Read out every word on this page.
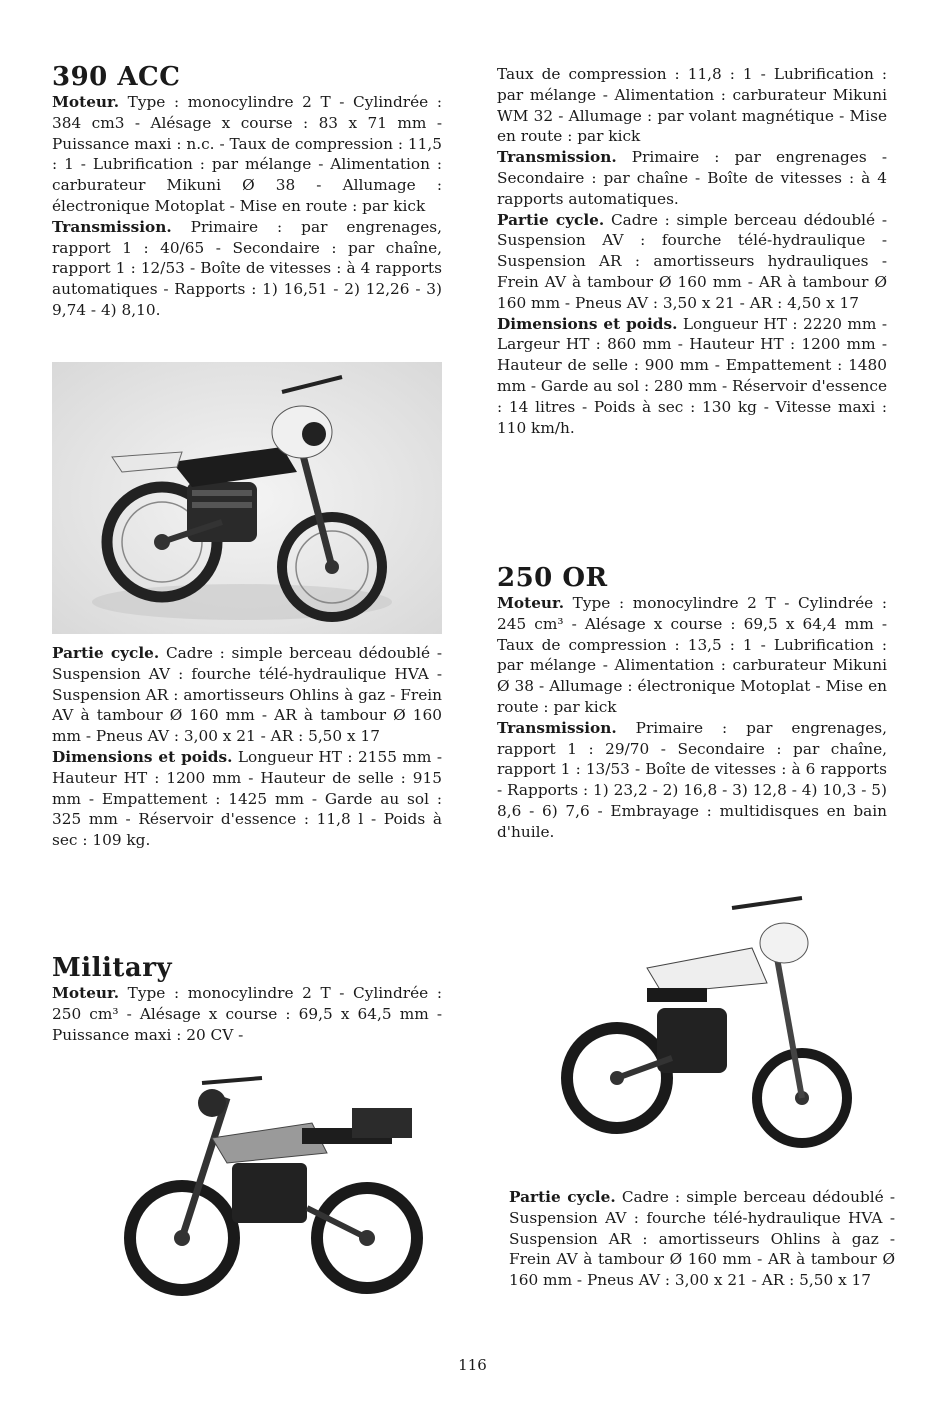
390 ACC

Moteur. Type : monocylindre 2 T - Cylindrée : 384 cm3 - Alésage x course : 83 x 71 mm - Puissance maxi : n.c. - Taux de compression : 11,5 : 1 - Lubrification : par mélange - Alimentation : carburateur Mikuni Ø 38 - Allumage : électronique Motoplat - Mise en route : par kick

Transmission. Primaire : par engrenages, rapport 1 : 40/65 - Secondaire : par chaîne, rapport 1 : 12/53 - Boîte de vitesses : à 4 rapports automatiques - Rapports : 1) 16,51 - 2) 12,26 - 3) 9,74 - 4) 8,10.

Partie cycle. Cadre : simple berceau dédoublé - Suspension AV : fourche télé-hydraulique HVA - Suspension AR : amortisseurs Ohlins à gaz - Frein AV à tambour Ø 160 mm - AR à tambour Ø 160 mm - Pneus AV : 3,00 x 21 - AR : 5,50 x 17

Dimensions et poids. Longueur HT : 2155 mm - Hauteur HT : 1200 mm - Hauteur de selle : 915 mm - Empattement : 1425 mm - Garde au sol : 325 mm - Réservoir d'essence : 11,8 l - Poids à sec : 109 kg.

Military

Moteur. Type : monocylindre 2 T - Cylindrée : 250 cm³ - Alésage x course : 69,5 x 64,5 mm - Puissance maxi : 20 CV -

Taux de compression : 11,8 : 1 - Lubrification : par mélange - Alimentation : carburateur Mikuni WM 32 - Allumage : par volant magnétique - Mise en route : par kick

Transmission. Primaire : par engrenages - Secondaire : par chaîne - Boîte de vitesses : à 4 rapports automatiques.

Partie cycle. Cadre : simple berceau dédoublé - Suspension AV : fourche télé-hydraulique - Suspension AR : amortisseurs hydrauliques - Frein AV à tambour Ø 160 mm - AR à tambour Ø 160 mm - Pneus AV : 3,50 x 21 - AR : 4,50 x 17

Dimensions et poids. Longueur HT : 2220 mm - Largeur HT : 860 mm - Hauteur HT : 1200 mm - Hauteur de selle : 900 mm - Empattement : 1480 mm - Garde au sol : 280 mm - Réservoir d'essence : 14 litres - Poids à sec : 130 kg - Vitesse maxi : 110 km/h.

250 OR

Moteur. Type : monocylindre 2 T - Cylindrée : 245 cm³ - Alésage x course : 69,5 x 64,4 mm - Taux de compression : 13,5 : 1 - Lubrification : par mélange - Alimentation : carburateur Mikuni Ø 38 - Allumage : électronique Motoplat - Mise en route : par kick

Transmission. Primaire : par engrenages, rapport 1 : 29/70 - Secondaire : par chaîne, rapport 1 : 13/53 - Boîte de vitesses : à 6 rapports - Rapports : 1) 23,2 - 2) 16,8 - 3) 12,8 - 4) 10,3 - 5) 8,6 - 6) 7,6 - Embrayage : multidisques en bain d'huile.

Partie cycle. Cadre : simple berceau dédoublé - Suspension AV : fourche télé-hydraulique HVA - Suspension AR : amortisseurs Ohlins à gaz - Frein AV à tambour Ø 160 mm - AR à tambour Ø 160 mm - Pneus AV : 3,00 x 21 - AR : 5,50 x 17

116
